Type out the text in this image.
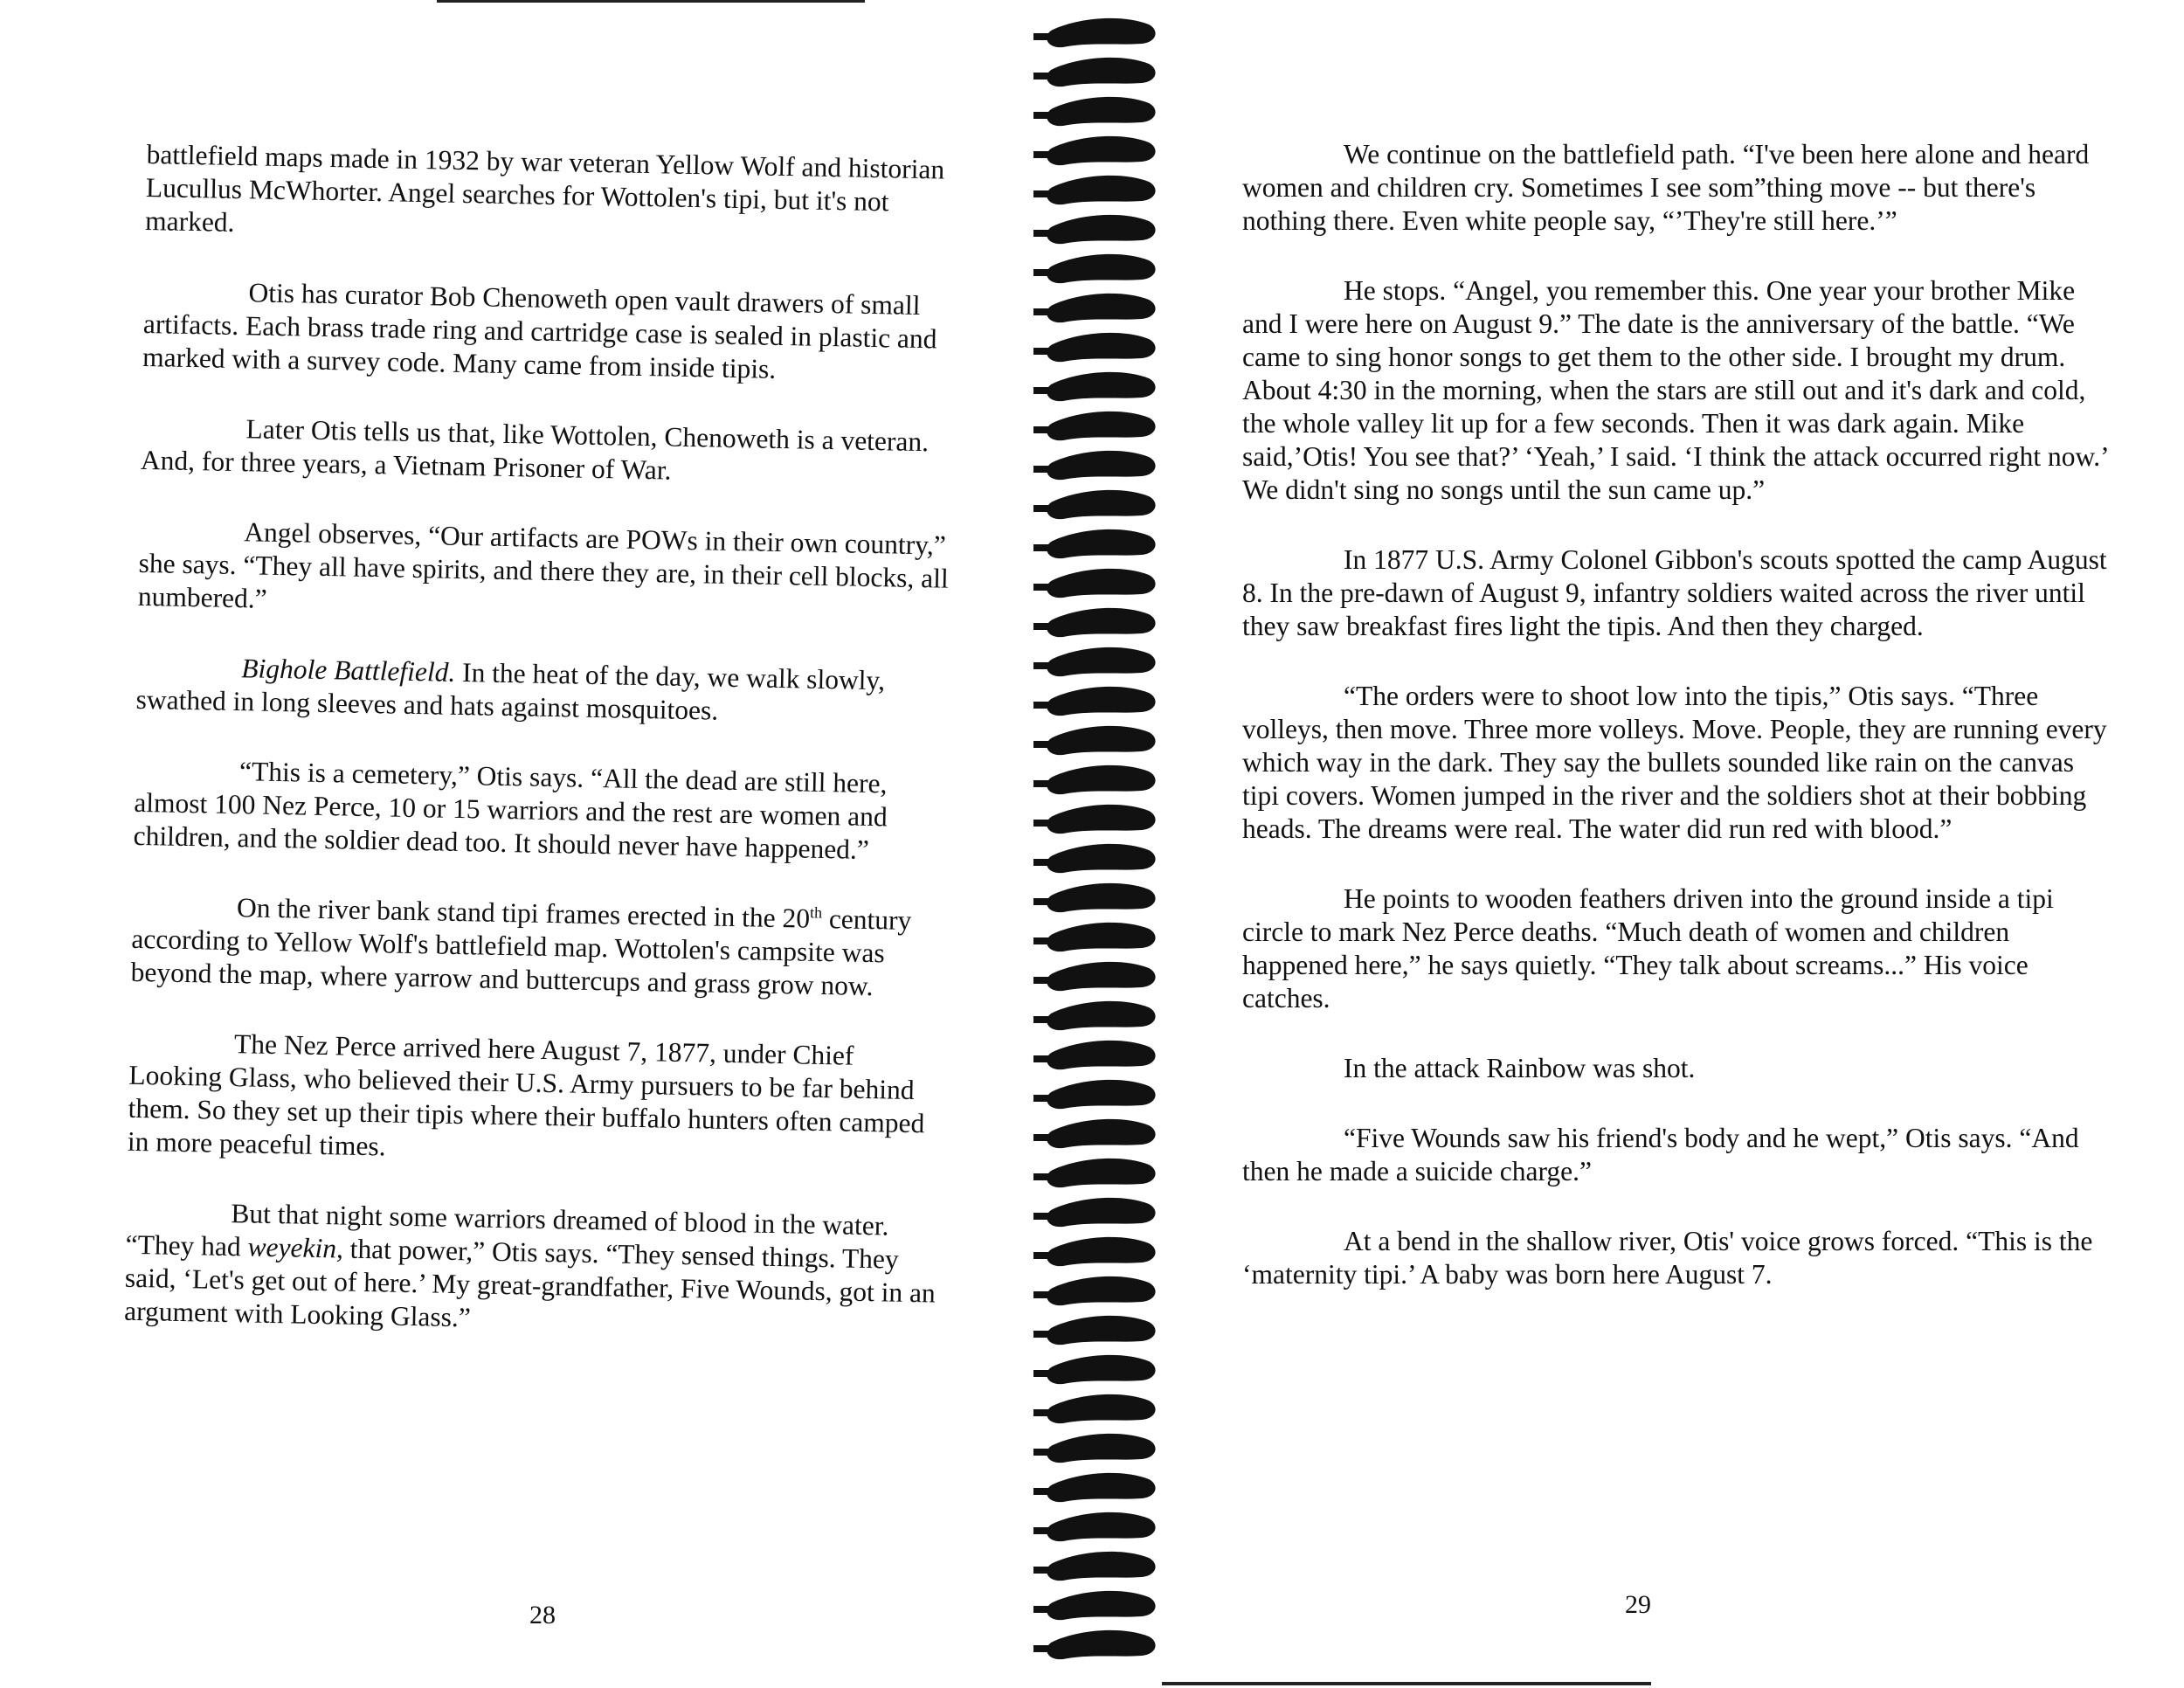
battlefield maps made in 1932 by war veteran Yellow Wolf and historian Lucullus McWhorter. Angel searches for Wottolen's tipi, but it's not marked.

Otis has curator Bob Chenoweth open vault drawers of small artifacts. Each brass trade ring and cartridge case is sealed in plastic and marked with a survey code. Many came from inside tipis.

Later Otis tells us that, like Wottolen, Chenoweth is a veteran. And, for three years, a Vietnam Prisoner of War.

Angel observes, “Our artifacts are POWs in their own country,” she says. “They all have spirits, and there they are, in their cell blocks, all numbered.”

Bighole Battlefield. In the heat of the day, we walk slowly, swathed in long sleeves and hats against mosquitoes.

“This is a cemetery,” Otis says. “All the dead are still here, almost 100 Nez Perce, 10 or 15 warriors and the rest are women and children, and the soldier dead too. It should never have happened.”

On the river bank stand tipi frames erected in the 20th century according to Yellow Wolf's battlefield map. Wottolen's campsite was beyond the map, where yarrow and buttercups and grass grow now.

The Nez Perce arrived here August 7, 1877, under Chief Looking Glass, who believed their U.S. Army pursuers to be far behind them. So they set up their tipis where their buffalo hunters often camped in more peaceful times.

But that night some warriors dreamed of blood in the water. “They had weyekin, that power,” Otis says. “They sensed things. They said, ‘Let's get out of here.’ My great-grandfather, Five Wounds, got in an argument with Looking Glass.”

28

We continue on the battlefield path. “I've been here alone and heard women and children cry. Sometimes I see som”thing move -- but there's nothing there. Even white people say, “’They're still here.’”

He stops. “Angel, you remember this. One year your brother Mike and I were here on August 9.” The date is the anniversary of the battle. “We came to sing honor songs to get them to the other side. I brought my drum. About 4:30 in the morning, when the stars are still out and it's dark and cold, the whole valley lit up for a few seconds. Then it was dark again. Mike said,’Otis! You see that?’ ‘Yeah,’ I said. ‘I think the attack occurred right now.’ We didn't sing no songs until the sun came up.”

In 1877 U.S. Army Colonel Gibbon's scouts spotted the camp August 8. In the pre-dawn of August 9, infantry soldiers waited across the river until they saw breakfast fires light the tipis. And then they charged.

“The orders were to shoot low into the tipis,” Otis says. “Three volleys, then move. Three more volleys. Move. People, they are running every which way in the dark. They say the bullets sounded like rain on the canvas tipi covers. Women jumped in the river and the soldiers shot at their bobbing heads. The dreams were real. The water did run red with blood.”

He points to wooden feathers driven into the ground inside a tipi circle to mark Nez Perce deaths. “Much death of women and children happened here,” he says quietly. “They talk about screams...” His voice catches.

In the attack Rainbow was shot.

“Five Wounds saw his friend's body and he wept,” Otis says. “And then he made a suicide charge.”

At a bend in the shallow river, Otis' voice grows forced. “This is the ‘maternity tipi.’ A baby was born here August 7.

29
